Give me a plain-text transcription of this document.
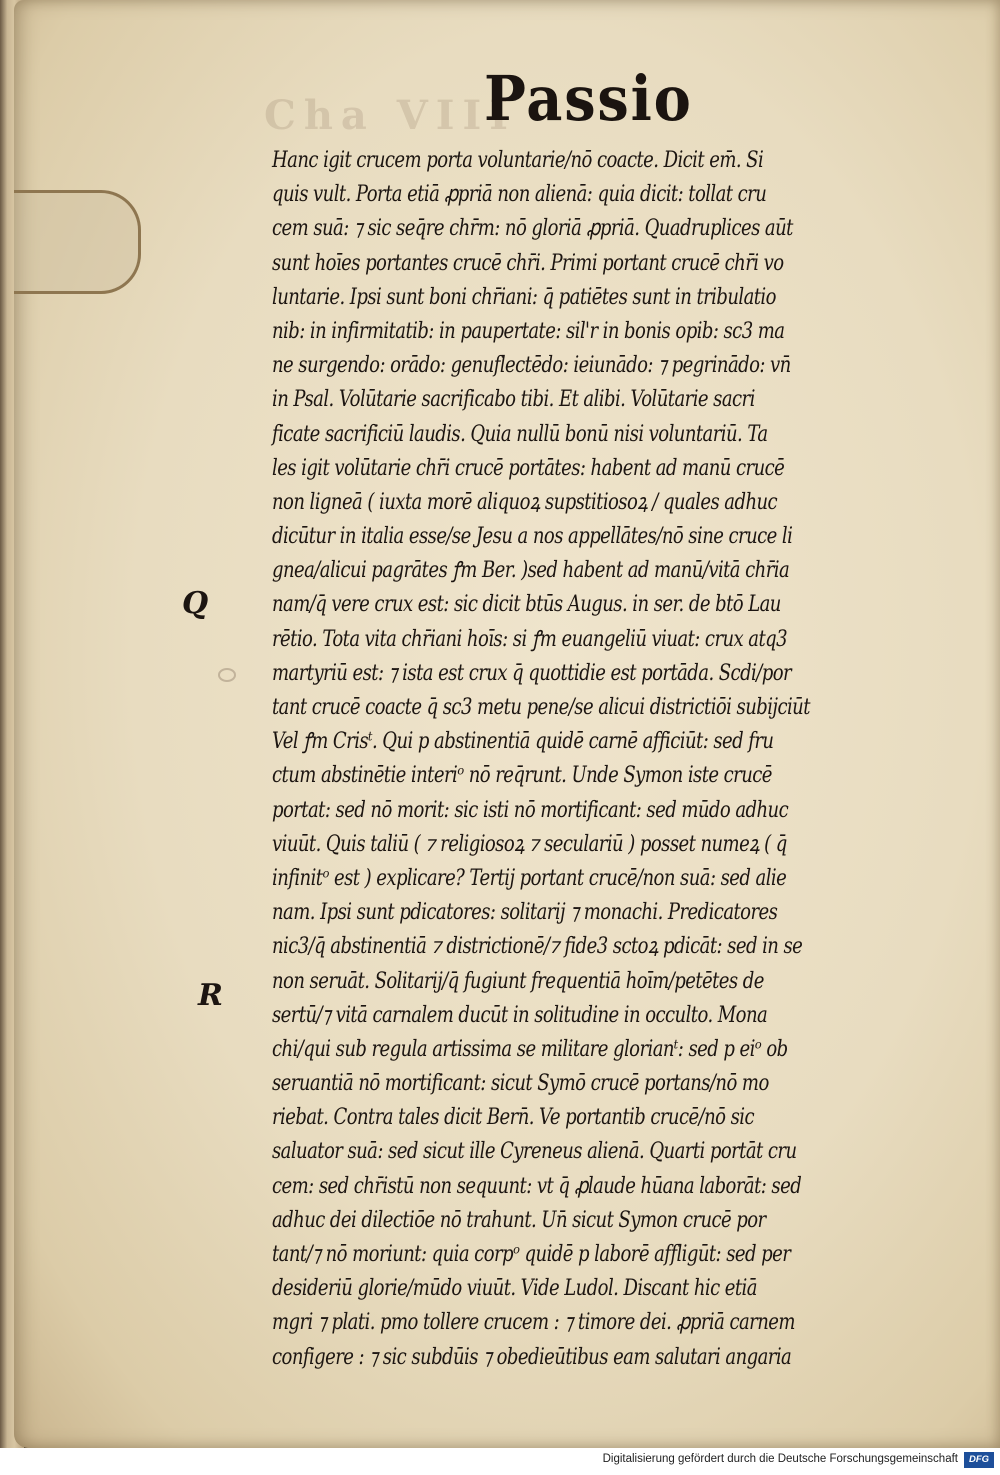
Cha VIII
Passio
Q
R
Hanc igit crucem porta voluntarie/nō coacte. Dicit em̄. Si
quis vult. Porta etiā ꝓpriā non alienā: quia dicit: tollat cru
cem suā: ⁊ sic seq̄re chr̄m: nō gloriā ꝓpriā. Quadruplices aūt
sunt hoīes portantes crucē chr̄i. Primi portant crucē chr̄i vo
luntarie. Ipsi sunt boni chr̄iani: q̄ patiētes sunt in tribulatio
nib: in infirmitatib: in paupertate: sil'r in bonis opib: sc3 ma
ne surgendo: orādo: genuflectēdo: ieiunādo: ⁊ pegrinādo: vn̄
in Psal. Volūtarie sacrificabo tibi. Et alibi. Volūtarie sacri
ficate sacrificiū laudis. Quia nullū bonū nisi voluntariū. Ta
les igit volūtarie chr̄i crucē portātes: habent ad manū crucē
non ligneā ( iuxta morē aliquoꝝ supstitiosoꝝ / quales adhuc
dicūtur in italia esse/se Jesu a nos appellātes/nō sine cruce li
gnea/alicui pagrātes ꝭm Ber. )sed habent ad manū/vitā chr̄ia
nam/q̄ vere crux est: sic dicit btūs Augus. in ser. de btō Lau
rētio. Tota vita chr̄iani hoīs: si ꝭm euangeliū viuat: crux atq3
martyriū est: ⁊ ista est crux q̄ quottidie est portāda. Scdi/por
tant crucē coacte q̄ sc3 metu pene/se alicui districtiōi subijciūt
Vel ꝭm Crisᵗ. Qui p abstinentiā quidē carnē afficiūt: sed fru
ctum abstinētie interiᵒ nō req̄runt. Unde Symon iste crucē
portat: sed nō morit: sic isti nō mortificant: sed mūdo adhuc
viuūt. Quis taliū ( ⁊ religiosoꝝ ⁊ seculariū ) posset numeꝝ ( q̄
infinitᵒ est ) explicare? Tertij portant crucē/non suā: sed alie
nam. Ipsi sunt pdicatores: solitarij ⁊ monachi. Predicatores
nic3/q̄ abstinentiā ⁊ districtionē/⁊ fide3 sctoꝝ pdicāt: sed in se
non seruāt. Solitarij/q̄ fugiunt frequentiā hoīm/petētes de
sertū/⁊ vitā carnalem ducūt in solitudine in occulto. Mona
chi/qui sub regula artissima se militare glorianᵗ: sed p eiᵒ ob
seruantiā nō mortificant: sicut Symō crucē portans/nō mo
riebat. Contra tales dicit Bern̄. Ve portantib crucē/nō sic
saluator suā: sed sicut ille Cyreneus alienā. Quarti portāt cru
cem: sed chr̄istū non sequunt: vt q̄ ꝓlaude hūana laborāt: sed
adhuc dei dilectiōe nō trahunt. Un̄ sicut Symon crucē por
tant/⁊ nō moriunt: quia corpᵒ quidē p laborē affligūt: sed per
desideriū glorie/mūdo viuūt. Vide Ludol. Discant hic etiā
mgri ⁊ plati. pmo tollere crucem : ⁊ timore dei. ꝓpriā carnem
configere : ⁊ sic subdūis ⁊ obedieūtibus eam salutari angaria
Digitalisierung gefördert durch die Deutsche Forschungsgemeinschaft	DFG
